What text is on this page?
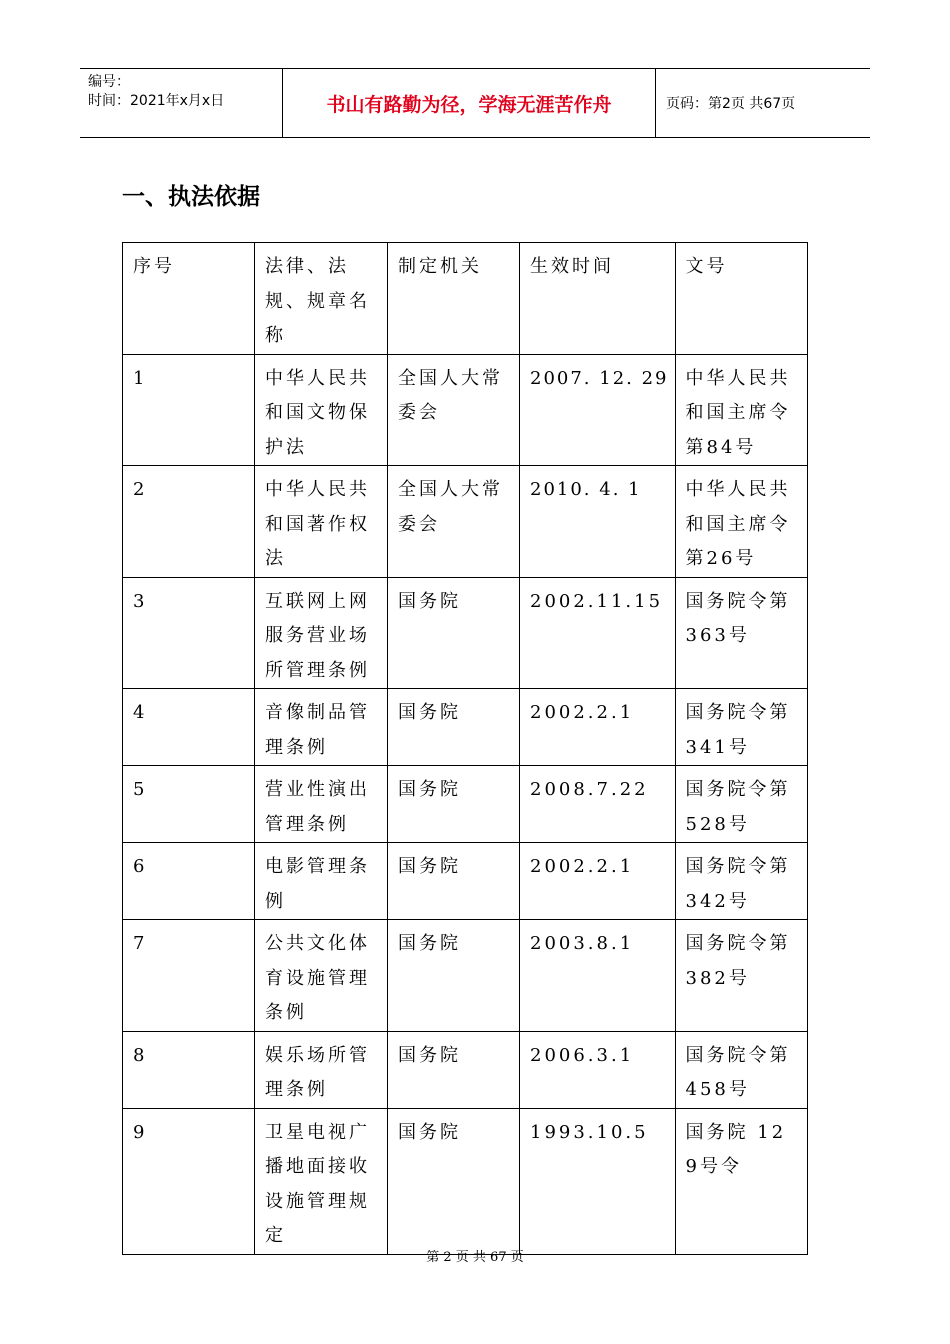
编号：
时间：2021年x月x日	书山有路勤为径，学海无涯苦作舟	页码：第2页 共67页
一、执法依据
序号	法律、法规、规章名称	制定机关	生效时间	文号
1	中华人民共和国文物保护法	全国人大常委会	2007. 12. 29	中华人民共和国主席令第84号
2	中华人民共和国著作权法	全国人大常委会	2010. 4. 1	中华人民共和国主席令第26号
3	互联网上网服务营业场所管理条例	国务院	2002.11.15	国务院令第363号
4	音像制品管理条例	国务院	2002.2.1	国务院令第341号
5	营业性演出管理条例	国务院	2008.7.22	国务院令第528号
6	电影管理条例	国务院	2002.2.1	国务院令第342号
7	公共文化体育设施管理条例	国务院	2003.8.1	国务院令第382号
8	娱乐场所管理条例	国务院	2006.3.1	国务院令第458号
9	卫星电视广播地面接收设施管理规定	国务院	1993.10.5	国务院 129号令
第 2 页 共 67 页
